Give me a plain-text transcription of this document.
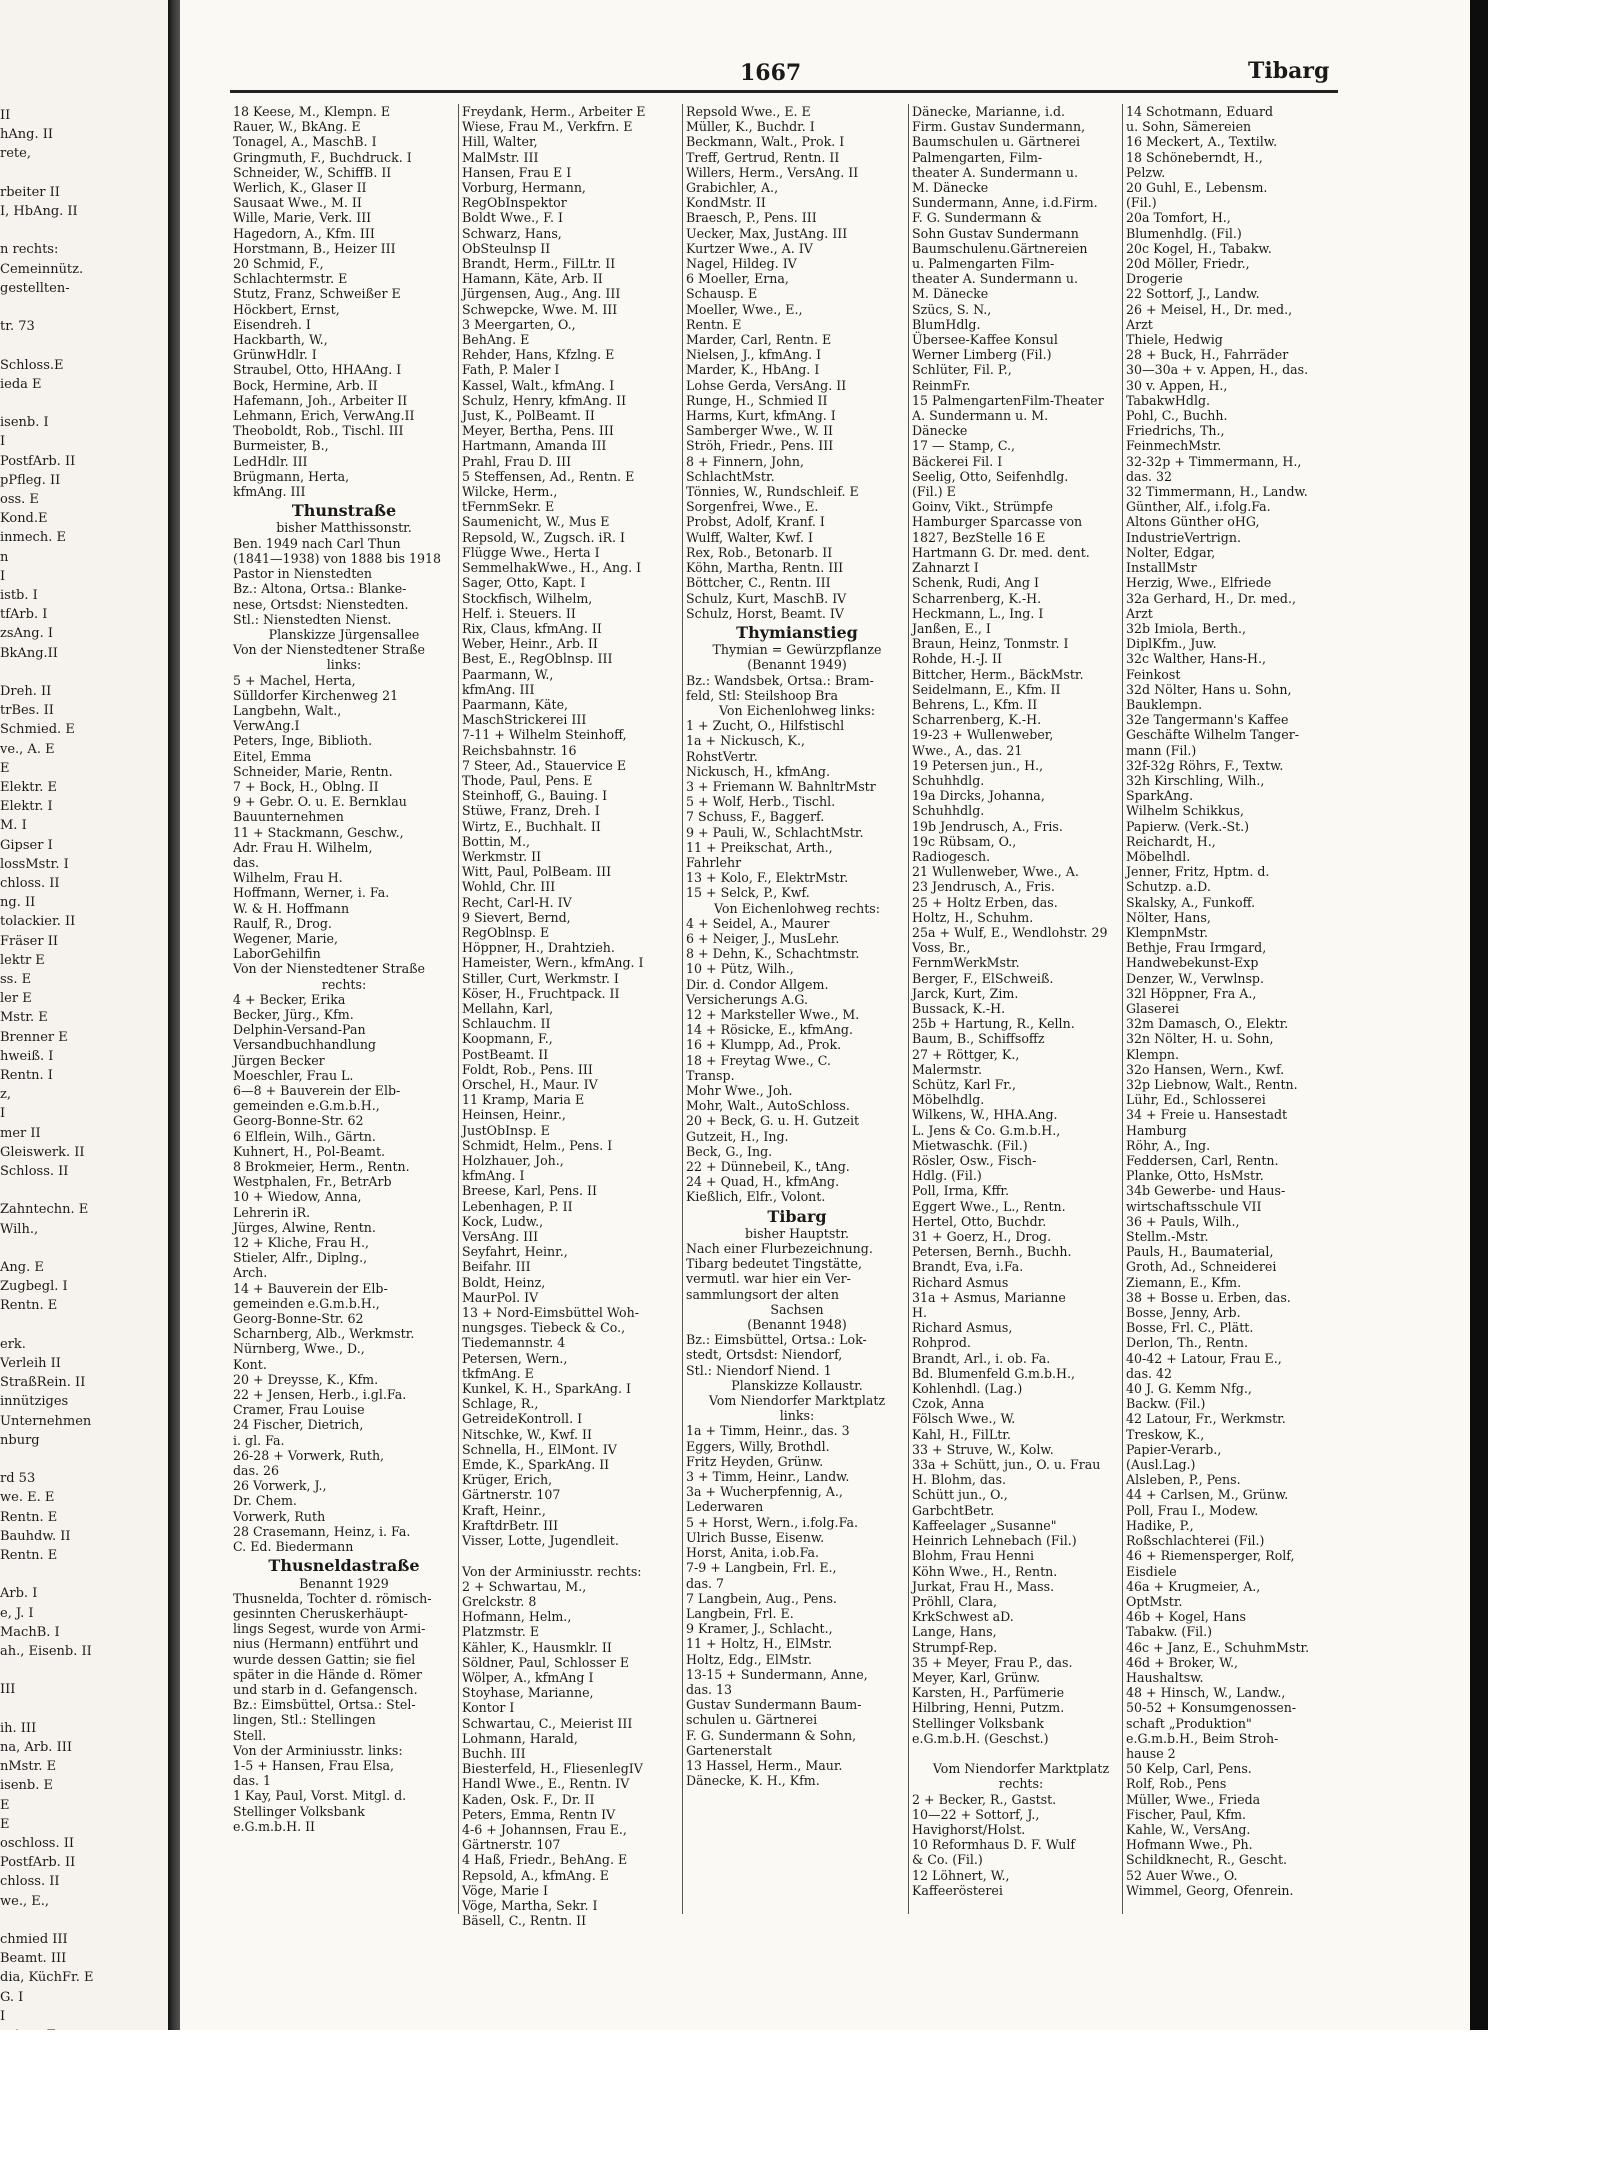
II
hAng. II
rete,
rbeiter II
I, HbAng. II
n rechts:
Cemeinnütz.
gestellten-
tr. 73
Schloss.E
ieda E
isenb. I
I
PostfArb. II
pPfleg. II
oss. E
Kond.E
inmech. E
n
I
istb. I
tfArb. I
zsAng. I
BkAng.II
Dreh. II
trBes. II
Schmied. E
ve., A. E
E
Elektr. E
Elektr. I
M. I
Gipser I
lossMstr. I
chloss. II
ng. II
tolackier. II
Fräser II
lektr E
ss. E
ler E
Mstr. E
Brenner E
hweiß. I
Rentn. I
z,
I
mer II
Gleiswerk. II
Schloss. II
Zahntechn. E
Wilh.,
Ang. E
Zugbegl. I
Rentn. E
erk.
Verleih II
StraßRein. II
innütziges
Unternehmen
nburg
rd 53
we. E. E
Rentn. E
Bauhdw. II
Rentn. E
Arb. I
e, J. I
MachB. I
ah., Eisenb. II
III
ih. III
na, Arb. III
nMstr. E
isenb. E
E
E
oschloss. II
PostfArb. II
chloss. II
we., E.,
chmied III
Beamt. III
dia, KüchFr. E
G. I
I
1667	Tibarg
18 Keese, M., Klempn. E
Rauer, W., BkAng. E
Tonagel, A., MaschB. I
Gringmuth, F., Buchdruck. I
Schneider, W., SchiffB. II
Werlich, K., Glaser II
Sausaat Wwe., M. II
Wille, Marie, Verk. III
Hagedorn, A., Kfm. III
Horstmann, B., Heizer III
20 Schmid, F.,
Schlachtermstr. E
Stutz, Franz, Schweißer E
Höckbert, Ernst,
Eisendreh. I
Hackbarth, W.,
GrünwHdlr. I
Straubel, Otto, HHAAng. I
Bock, Hermine, Arb. II
Hafemann, Joh., Arbeiter II
Lehmann, Erich, VerwAng.II
Theoboldt, Rob., Tischl. III
Burmeister, B.,
LedHdlr. III
Brügmann, Herta,
kfmAng. III
Thunstraße
bisher Matthissonstr.
Ben. 1949 nach Carl Thun
(1841—1938) von 1888 bis 1918
Pastor in Nienstedten
Bz.: Altona, Ortsa.: Blanke-
nese, Ortsdst: Nienstedten.
Stl.: Nienstedten Nienst.
Planskizze Jürgensallee
Von der Nienstedtener Straße
links:
5 + Machel, Herta,
Sülldorfer Kirchenweg 21
Langbehn, Walt.,
VerwAng.I
Peters, Inge, Biblioth.
Eitel, Emma
Schneider, Marie, Rentn.
7 + Bock, H., Oblng. II
9 + Gebr. O. u. E. Bernklau
Bauunternehmen
11 + Stackmann, Geschw.,
Adr. Frau H. Wilhelm,
das.
Wilhelm, Frau H.
Hoffmann, Werner, i. Fa.
W. & H. Hoffmann
Raulf, R., Drog.
Wegener, Marie,
LaborGehilfin
Von der Nienstedtener Straße
rechts:
4 + Becker, Erika
Becker, Jürg., Kfm.
Delphin-Versand-Pan
Versandbuchhandlung
Jürgen Becker
Moeschler, Frau L.
6—8 + Bauverein der Elb-
gemeinden e.G.m.b.H.,
Georg-Bonne-Str. 62
6 Elflein, Wilh., Gärtn.
Kuhnert, H., Pol-Beamt.
8 Brokmeier, Herm., Rentn.
Westphalen, Fr., BetrArb
10 + Wiedow, Anna,
Lehrerin iR.
Jürges, Alwine, Rentn.
12 + Kliche, Frau H.,
Stieler, Alfr., Diplng.,
Arch.
14 + Bauverein der Elb-
gemeinden e.G.m.b.H.,
Georg-Bonne-Str. 62
Scharnberg, Alb., Werkmstr.
Nürnberg, Wwe., D.,
Kont.
20 + Dreysse, K., Kfm.
22 + Jensen, Herb., i.gl.Fa.
Cramer, Frau Louise
24 Fischer, Dietrich,
i. gl. Fa.
26-28 + Vorwerk, Ruth,
das. 26
26 Vorwerk, J.,
Dr. Chem.
Vorwerk, Ruth
28 Crasemann, Heinz, i. Fa.
C. Ed. Biedermann
Thusneldastraße
Benannt 1929
Thusnelda, Tochter d. römisch-
gesinnten Cheruskerhäupt-
lings Segest, wurde von Armi-
nius (Hermann) entführt und
wurde dessen Gattin; sie fiel
später in die Hände d. Römer
und starb in d. Gefangensch.
Bz.: Eimsbüttel, Ortsa.: Stel-
lingen, Stl.: Stellingen
Stell.
Von der Arminiusstr. links:
1-5 + Hansen, Frau Elsa,
das. 1
1 Kay, Paul, Vorst. Mitgl. d.
Stellinger Volksbank
e.G.m.b.H. II
Freydank, Herm., Arbeiter E
Wiese, Frau M., Verkfrn. E
Hill, Walter,
MalMstr. III
Hansen, Frau E I
Vorburg, Hermann,
RegObInspektor
Boldt Wwe., F. I
Schwarz, Hans,
ObSteulnsp II
Brandt, Herm., FilLtr. II
Hamann, Käte, Arb. II
Jürgensen, Aug., Ang. III
Schwepcke, Wwe. M. III
3 Meergarten, O.,
BehAng. E
Rehder, Hans, Kfzlng. E
Fath, P. Maler I
Kassel, Walt., kfmAng. I
Schulz, Henry, kfmAng. II
Just, K., PolBeamt. II
Meyer, Bertha, Pens. III
Hartmann, Amanda III
Prahl, Frau D. III
5 Steffensen, Ad., Rentn. E
Wilcke, Herm.,
tFernmSekr. E
Saumenicht, W., Mus E
Repsold, W., Zugsch. iR. I
Flügge Wwe., Herta I
SemmelhakWwe., H., Ang. I
Sager, Otto, Kapt. I
Stockfisch, Wilhelm,
Helf. i. Steuers. II
Rix, Claus, kfmAng. II
Weber, Heinr., Arb. II
Best, E., RegOblnsp. III
Paarmann, W.,
kfmAng. III
Paarmann, Käte,
MaschStrickerei III
7-11 + Wilhelm Steinhoff,
Reichsbahnstr. 16
7 Steer, Ad., Stauervice E
Thode, Paul, Pens. E
Steinhoff, G., Bauing. I
Stüwe, Franz, Dreh. I
Wirtz, E., Buchhalt. II
Bottin, M.,
Werkmstr. II
Witt, Paul, PolBeam. III
Wohld, Chr. III
Recht, Carl-H. IV
9 Sievert, Bernd,
RegOblnsp. E
Höppner, H., Drahtzieh.
Hameister, Wern., kfmAng. I
Stiller, Curt, Werkmstr. I
Köser, H., Fruchtpack. II
Mellahn, Karl,
Schlauchm. II
Koopmann, F.,
PostBeamt. II
Foldt, Rob., Pens. III
Orschel, H., Maur. IV
11 Kramp, Maria E
Heinsen, Heinr.,
JustObInsp. E
Schmidt, Helm., Pens. I
Holzhauer, Joh.,
kfmAng. I
Breese, Karl, Pens. II
Lebenhagen, P. II
Kock, Ludw.,
VersAng. III
Seyfahrt, Heinr.,
Beifahr. III
Boldt, Heinz,
MaurPol. IV
13 + Nord-Eimsbüttel Woh-
nungsges. Tiebeck & Co.,
Tiedemannstr. 4
Petersen, Wern.,
tkfmAng. E
Kunkel, K. H., SparkAng. I
Schlage, R.,
GetreideKontroll. I
Nitschke, W., Kwf. II
Schnella, H., ElMont. IV
Emde, K., SparkAng. II
Krüger, Erich,
Gärtnerstr. 107
Kraft, Heinr.,
KraftdrBetr. III
Visser, Lotte, Jugendleit.

Von der Arminiusstr. rechts:
2 + Schwartau, M.,
Grelckstr. 8
Hofmann, Helm.,
Platzmstr. E
Kähler, K., Hausmklr. II
Söldner, Paul, Schlosser E
Wölper, A., kfmAng I
Stoyhase, Marianne,
Kontor I
Schwartau, C., Meierist III
Lohmann, Harald,
Buchh. III
Biesterfeld, H., FliesenlegIV
Handl Wwe., E., Rentn. IV
Kaden, Osk. F., Dr. II
Peters, Emma, Rentn IV
4-6 + Johannsen, Frau E.,
Gärtnerstr. 107
4 Haß, Friedr., BehAng. E
Repsold, A., kfmAng. E
Vöge, Marie I
Vöge, Martha, Sekr. I
Bäsell, C., Rentn. II
Repsold Wwe., E. E
Müller, K., Buchdr. I
Beckmann, Walt., Prok. I
Treff, Gertrud, Rentn. II
Willers, Herm., VersAng. II
Grabichler, A.,
KondMstr. II
Braesch, P., Pens. III
Uecker, Max, JustAng. III
Kurtzer Wwe., A. IV
Nagel, Hildeg. IV
6 Moeller, Erna,
Schausp. E
Moeller, Wwe., E.,
Rentn. E
Marder, Carl, Rentn. E
Nielsen, J., kfmAng. I
Marder, K., HbAng. I
Lohse Gerda, VersAng. II
Runge, H., Schmied II
Harms, Kurt, kfmAng. I
Samberger Wwe., W. II
Ströh, Friedr., Pens. III
8 + Finnern, John,
SchlachtMstr.
Tönnies, W., Rundschleif. E
Sorgenfrei, Wwe., E.
Probst, Adolf, Kranf. I
Wulff, Walter, Kwf. I
Rex, Rob., Betonarb. II
Köhn, Martha, Rentn. III
Böttcher, C., Rentn. III
Schulz, Kurt, MaschB. IV
Schulz, Horst, Beamt. IV
Thymianstieg
Thymian = Gewürzpflanze
(Benannt 1949)
Bz.: Wandsbek, Ortsa.: Bram-
feld, Stl: Steilshoop Bra
Von Eichenlohweg links:
1 + Zucht, O., Hilfstischl
1a + Nickusch, K.,
RohstVertr.
Nickusch, H., kfmAng.
3 + Friemann W. BahnltrMstr
5 + Wolf, Herb., Tischl.
7 Schuss, F., Baggerf.
9 + Pauli, W., SchlachtMstr.
11 + Preikschat, Arth.,
Fahrlehr
13 + Kolo, F., ElektrMstr.
15 + Selck, P., Kwf.
Von Eichenlohweg rechts:
4 + Seidel, A., Maurer
6 + Neiger, J., MusLehr.
8 + Dehn, K., Schachtmstr.
10 + Pütz, Wilh.,
Dir. d. Condor Allgem.
Versicherungs A.G.
12 + Marksteller Wwe., M.
14 + Rösicke, E., kfmAng.
16 + Klumpp, Ad., Prok.
18 + Freytag Wwe., C.
Transp.
Mohr Wwe., Joh.
Mohr, Walt., AutoSchloss.
20 + Beck, G. u. H. Gutzeit
Gutzeit, H., Ing.
Beck, G., Ing.
22 + Dünnebeil, K., tAng.
24 + Quad, H., kfmAng.
Kießlich, Elfr., Volont.
Tibarg
bisher Hauptstr.
Nach einer Flurbezeichnung.
Tibarg bedeutet Tingstätte,
vermutl. war hier ein Ver-
sammlungsort der alten
Sachsen
(Benannt 1948)
Bz.: Eimsbüttel, Ortsa.: Lok-
stedt, Ortsdst: Niendorf,
Stl.: Niendorf Niend. 1
Planskizze Kollaustr.
Vom Niendorfer Marktplatz
links:
1a + Timm, Heinr., das. 3
Eggers, Willy, Brothdl.
Fritz Heyden, Grünw.
3 + Timm, Heinr., Landw.
3a + Wucherpfennig, A.,
Lederwaren
5 + Horst, Wern., i.folg.Fa.
Ulrich Busse, Eisenw.
Horst, Anita, i.ob.Fa.
7-9 + Langbein, Frl. E.,
das. 7
7 Langbein, Aug., Pens.
Langbein, Frl. E.
9 Kramer, J., Schlacht.,
11 + Holtz, H., ElMstr.
Holtz, Edg., ElMstr.
13-15 + Sundermann, Anne,
das. 13
Gustav Sundermann Baum-
schulen u. Gärtnerei
F. G. Sundermann & Sohn,
Gartenerstalt
13 Hassel, Herm., Maur.
Dänecke, K. H., Kfm.
Dänecke, Marianne, i.d.
Firm. Gustav Sundermann,
Baumschulen u. Gärtnerei
Palmengarten, Film-
theater A. Sundermann u.
M. Dänecke
Sundermann, Anne, i.d.Firm.
F. G. Sundermann &
Sohn Gustav Sundermann
Baumschulenu.Gärtnereien
u. Palmengarten Film-
theater A. Sundermann u.
M. Dänecke
Szücs, S. N.,
BlumHdlg.
Übersee-Kaffee Konsul
Werner Limberg (Fil.)
Schlüter, Fil. P.,
ReinmFr.
15 PalmengartenFilm-Theater
A. Sundermann u. M.
Dänecke
17 — Stamp, C.,
Bäckerei Fil. I
Seelig, Otto, Seifenhdlg.
(Fil.) E
Goinv, Vikt., Strümpfe
Hamburger Sparcasse von
1827, BezStelle 16 E
Hartmann G. Dr. med. dent.
Zahnarzt I
Schenk, Rudi, Ang I
Scharrenberg, K.-H.
Heckmann, L., Ing. I
Janßen, E., I
Braun, Heinz, Tonmstr. I
Rohde, H.-J. II
Bittcher, Herm., BäckMstr.
Seidelmann, E., Kfm. II
Behrens, L., Kfm. II
Scharrenberg, K.-H.
19-23 + Wullenweber,
Wwe., A., das. 21
19 Petersen jun., H.,
Schuhhdlg.
19a Dircks, Johanna,
Schuhhdlg.
19b Jendrusch, A., Fris.
19c Rübsam, O.,
Radiogesch.
21 Wullenweber, Wwe., A.
23 Jendrusch, A., Fris.
25 + Holtz Erben, das.
Holtz, H., Schuhm.
25a + Wulf, E., Wendlohstr. 29
Voss, Br.,
FernmWerkMstr.
Berger, F., ElSchweiß.
Jarck, Kurt, Zim.
Bussack, K.-H.
25b + Hartung, R., Kelln.
Baum, B., Schiffsoffz
27 + Röttger, K.,
Malermstr.
Schütz, Karl Fr.,
Möbelhdlg.
Wilkens, W., HHA.Ang.
L. Jens & Co. G.m.b.H.,
Mietwaschk. (Fil.)
Rösler, Osw., Fisch-
Hdlg. (Fil.)
Poll, Irma, Kffr.
Eggert Wwe., L., Rentn.
Hertel, Otto, Buchdr.
31 + Goerz, H., Drog.
Petersen, Bernh., Buchh.
Brandt, Eva, i.Fa.
Richard Asmus
31a + Asmus, Marianne
H.
Richard Asmus,
Rohprod.
Brandt, Arl., i. ob. Fa.
Bd. Blumenfeld G.m.b.H.,
Kohlenhdl. (Lag.)
Czok, Anna
Fölsch Wwe., W.
Kahl, H., FilLtr.
33 + Struve, W., Kolw.
33a + Schütt, jun., O. u. Frau
H. Blohm, das.
Schütt jun., O.,
GarbchtBetr.
Kaffeelager „Susanne"
Heinrich Lehnebach (Fil.)
Blohm, Frau Henni
Köhn Wwe., H., Rentn.
Jurkat, Frau H., Mass.
Pröhll, Clara,
KrkSchwest aD.
Lange, Hans,
Strumpf-Rep.
35 + Meyer, Frau P., das.
Meyer, Karl, Grünw.
Karsten, H., Parfümerie
Hilbring, Henni, Putzm.
Stellinger Volksbank
e.G.m.b.H. (Geschst.)

Vom Niendorfer Marktplatz
rechts:
2 + Becker, R., Gastst.
10—22 + Sottorf, J.,
Havighorst/Holst.
10 Reformhaus D. F. Wulf
& Co. (Fil.)
12 Löhnert, W.,
Kaffeerösterei
14 Schotmann, Eduard
u. Sohn, Sämereien
16 Meckert, A., Textilw.
18 Schöneberndt, H.,
Pelzw.
20 Guhl, E., Lebensm.
(Fil.)
20a Tomfort, H.,
Blumenhdlg. (Fil.)
20c Kogel, H., Tabakw.
20d Möller, Friedr.,
Drogerie
22 Sottorf, J., Landw.
26 + Meisel, H., Dr. med.,
Arzt
Thiele, Hedwig
28 + Buck, H., Fahrräder
30—30a + v. Appen, H., das.
30 v. Appen, H.,
TabakwHdlg.
Pohl, C., Buchh.
Friedrichs, Th.,
FeinmechMstr.
32-32p + Timmermann, H.,
das. 32
32 Timmermann, H., Landw.
Günther, Alf., i.folg.Fa.
Altons Günther oHG,
IndustrieVertrign.
Nolter, Edgar,
InstallMstr
Herzig, Wwe., Elfriede
32a Gerhard, H., Dr. med.,
Arzt
32b Imiola, Berth.,
DiplKfm., Juw.
32c Walther, Hans-H.,
Feinkost
32d Nölter, Hans u. Sohn,
Bauklempn.
32e Tangermann's Kaffee
Geschäfte Wilhelm Tanger-
mann (Fil.)
32f-32g Röhrs, F., Textw.
32h Kirschling, Wilh.,
SparkAng.
Wilhelm Schikkus,
Papierw. (Verk.-St.)
Reichardt, H.,
Möbelhdl.
Jenner, Fritz, Hptm. d.
Schutzp. a.D.
Skalsky, A., Funkoff.
Nölter, Hans,
KlempnMstr.
Bethje, Frau Irmgard,
Handwebekunst-Exp
Denzer, W., Verwlnsp.
32l Höppner, Fra A.,
Glaserei
32m Damasch, O., Elektr.
32n Nölter, H. u. Sohn,
Klempn.
32o Hansen, Wern., Kwf.
32p Liebnow, Walt., Rentn.
Lühr, Ed., Schlosserei
34 + Freie u. Hansestadt
Hamburg
Röhr, A., Ing.
Feddersen, Carl, Rentn.
Planke, Otto, HsMstr.
34b Gewerbe- und Haus-
wirtschaftsschule VII
36 + Pauls, Wilh.,
Stellm.-Mstr.
Pauls, H., Baumaterial,
Groth, Ad., Schneiderei
Ziemann, E., Kfm.
38 + Bosse u. Erben, das.
Bosse, Jenny, Arb.
Bosse, Frl. C., Plätt.
Derlon, Th., Rentn.
40-42 + Latour, Frau E.,
das. 42
40 J. G. Kemm Nfg.,
Backw. (Fil.)
42 Latour, Fr., Werkmstr.
Treskow, K.,
Papier-Verarb.,
(Ausl.Lag.)
Alsleben, P., Pens.
44 + Carlsen, M., Grünw.
Poll, Frau I., Modew.
Hadike, P.,
Roßschlachterei (Fil.)
46 + Riemensperger, Rolf,
Eisdiele
46a + Krugmeier, A.,
OptMstr.
46b + Kogel, Hans
Tabakw. (Fil.)
46c + Janz, E., SchuhmMstr.
46d + Broker, W.,
Haushaltsw.
48 + Hinsch, W., Landw.,
50-52 + Konsumgenossen-
schaft „Produktion"
e.G.m.b.H., Beim Stroh-
hause 2
50 Kelp, Carl, Pens.
Rolf, Rob., Pens
Müller, Wwe., Frieda
Fischer, Paul, Kfm.
Kahle, W., VersAng.
Hofmann Wwe., Ph.
Schildknecht, R., Gescht.
52 Auer Wwe., O.
Wimmel, Georg, Ofenrein.
